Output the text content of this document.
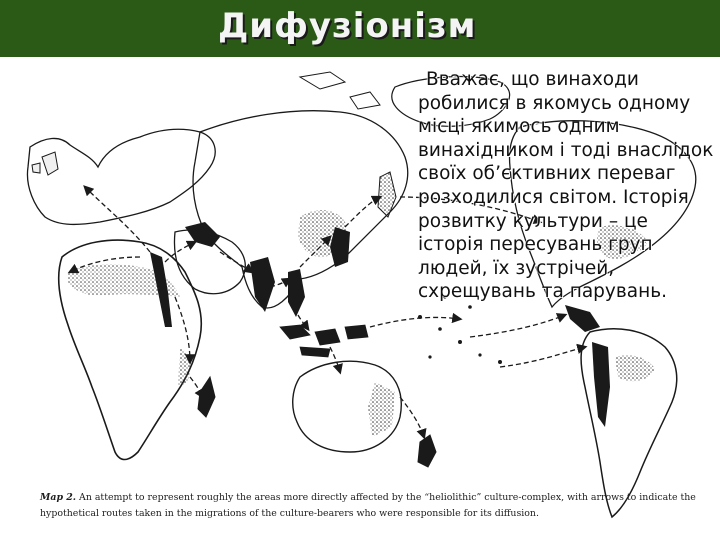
Дифузіонізм
Вважає, що винаходи робилися в якомусь одному місці якимось одним винахідником і тоді внаслідок своїх об’єктивних переваг розходилися світом. Історія розвитку культури – це історія пересувань груп людей, їх зустрічей, схрещувань та парувань.
Map 2. An attempt to represent roughly the areas more directly affected by the “heliolithic” culture-complex, with arrows to indicate the hypothetical routes taken in the migrations of the culture-bearers who were responsible for its diffusion.
